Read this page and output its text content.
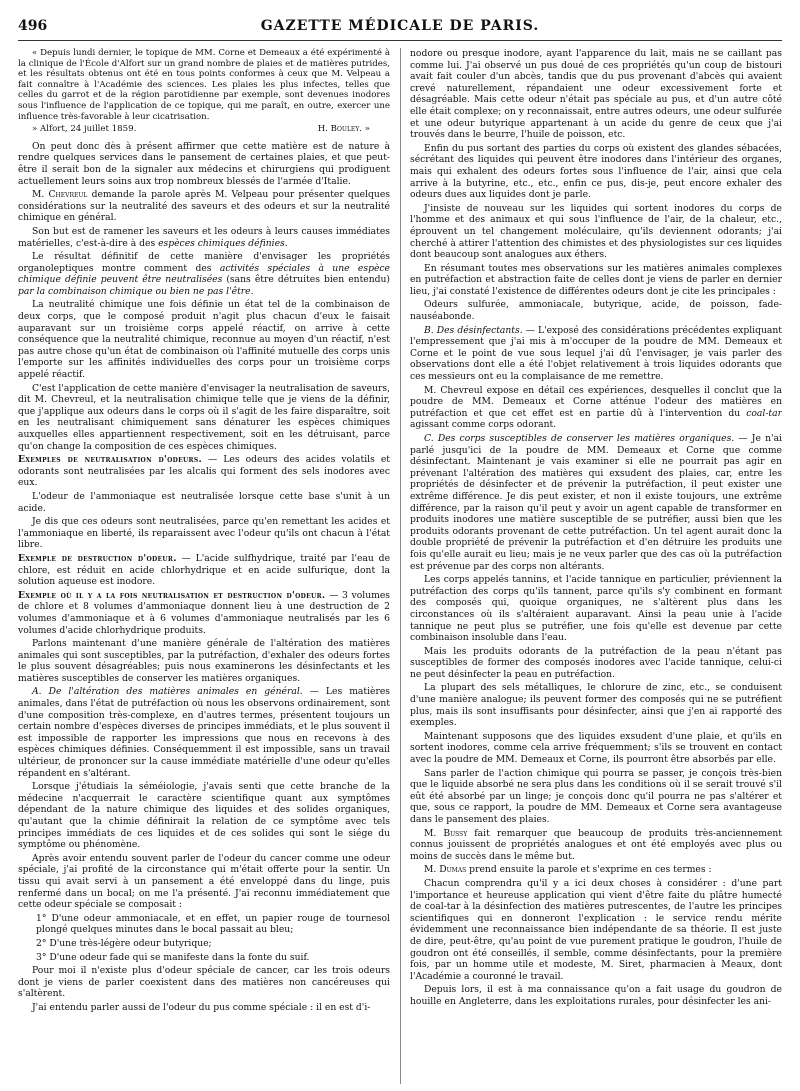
496	GAZETTE MÉDICALE DE PARIS.

« Depuis lundi dernier, le topique de MM. Corne et Demeaux a été expérimenté à la clinique de l'École d'Alfort sur un grand nombre de plaies et de matières putrides, et les résultats obtenus ont été en tous points conformes à ceux que M. Velpeau a fait connaître à l'Académie des sciences. Les plaies les plus infectes, telles que celles du garrot et de la région parotidienne par exemple, sont devenues inodores sous l'influence de l'application de ce topique, qui me paraît, en outre, exercer une influence très-favorable à leur cicatrisation.

» Alfort, 24 juillet 1859.	H. Bouley. »

On peut donc dès à présent affirmer que cette matière est de nature à rendre quelques services dans le pansement de certaines plaies, et que peut-être il serait bon de la signaler aux médecins et chirurgiens qui prodiguent actuellement leurs soins aux trop nombreux blessés de l'armée d'Italie.

M. Chevreul demande la parole après M. Velpeau pour présenter quelques considérations sur la neutralité des saveurs et des odeurs et sur la neutralité chimique en général.

Son but est de ramener les saveurs et les odeurs à leurs causes immédiates matérielles, c'est-à-dire à des espèces chimiques définies.

Le résultat définitif de cette manière d'envisager les propriétés organoleptiques montre comment des activités spéciales à une espèce chimique définie peuvent être neutralisées (sans être détruites bien entendu) par la combinaison chimique ou bien ne pas l'être.

La neutralité chimique une fois définie un état tel de la combinaison de deux corps, que le composé produit n'agit plus chacun d'eux le faisait auparavant sur un troisième corps appelé réactif, on arrive à cette conséquence que la neutralité chimique, reconnue au moyen d'un réactif, n'est pas autre chose qu'un état de combinaison où l'affinité mutuelle des corps unis l'emporte sur les affinités individuelles des corps pour un troisième corps appelé réactif.

C'est l'application de cette manière d'envisager la neutralisation de saveurs, dit M. Chevreul, et la neutralisation chimique telle que je viens de la définir, que j'applique aux odeurs dans le corps où il s'agit de les faire disparaître, soit en les neutralisant chimiquement sans dénaturer les espèces chimiques auxquelles elles appartiennent respectivement, soit en les détruisant, parce qu'on change la composition de ces espèces chimiques.

Exemples de neutralisation d'odeurs. — Les odeurs des acides volatils et odorants sont neutralisées par les alcalis qui forment des sels inodores avec eux.

L'odeur de l'ammoniaque est neutralisée lorsque cette base s'unit à un acide.

Je dis que ces odeurs sont neutralisées, parce qu'en remettant les acides et l'ammoniaque en liberté, ils reparaissent avec l'odeur qu'ils ont chacun à l'état libre.

Exemple de destruction d'odeur. — L'acide sulfhydrique, traité par l'eau de chlore, est réduit en acide chlorhydrique et en acide sulfurique, dont la solution aqueuse est inodore.

Exemple où il y a la fois neutralisation et destruction d'odeur. — 3 volumes de chlore et 8 volumes d'ammoniaque donnent lieu à une destruction de 2 volumes d'ammoniaque et à 6 volumes d'ammoniaque neutralisés par les 6 volumes d'acide chlorhydrique produits.

Parlons maintenant d'une manière générale de l'altération des matières animales qui sont susceptibles, par la putréfaction, d'exhaler des odeurs fortes le plus souvent désagréables; puis nous examinerons les désinfectants et les matières susceptibles de conserver les matières organiques.

A. De l'altération des matières animales en général. — Les matières animales, dans l'état de putréfaction où nous les observons ordinairement, sont d'une composition très-complexe, en d'autres termes, présentent toujours un certain nombre d'espèces diverses de principes immédiats, et le plus souvent il est impossible de rapporter les impressions que nous en recevons à des espèces chimiques définies. Conséquemment il est impossible, sans un travail ultérieur, de prononcer sur la cause immédiate matérielle d'une odeur qu'elles répandent en s'altérant.

Lorsque j'étudiais la séméiologie, j'avais senti que cette branche de la médecine n'acquerrait le caractère scientifique quant aux symptômes dépendant de la nature chimique des liquides et des solides organiques, qu'autant que la chimie définirait la relation de ce symptôme avec tels principes immédiats de ces liquides et de ces solides qui sont le siége du symptôme ou phénomène.

Après avoir entendu souvent parler de l'odeur du cancer comme une odeur spéciale, j'ai profité de la circonstance qui m'était offerte pour la sentir. Un tissu qui avait servi à un pansement a été enveloppé dans du linge, puis renfermé dans un bocal; on me l'a présenté. J'ai reconnu immédiatement que cette odeur spéciale se composait :

1° D'une odeur ammoniacale, et en effet, un papier rouge de tournesol plongé quelques minutes dans le bocal passait au bleu;

2° D'une très-légère odeur butyrique;

3° D'une odeur fade qui se manifeste dans la fonte du suif.

Pour moi il n'existe plus d'odeur spéciale de cancer, car les trois odeurs dont je viens de parler coexistent dans des matières non cancéreuses qui s'altèrent.

J'ai entendu parler aussi de l'odeur du pus comme spéciale : il en est d'i-

nodore ou presque inodore, ayant l'apparence du lait, mais ne se caillant pas comme lui. J'ai observé un pus doué de ces propriétés qu'un coup de bistouri avait fait couler d'un abcès, tandis que du pus provenant d'abcès qui avaient crevé naturellement, répandaient une odeur excessivement forte et désagréable. Mais cette odeur n'était pas spéciale au pus, et d'un autre côté elle était complexe; on y reconnaissait, entre autres odeurs, une odeur sulfurée et une odeur butyrique appartenant à un acide du genre de ceux que j'ai trouvés dans le beurre, l'huile de poisson, etc.

Enfin du pus sortant des parties du corps où existent des glandes sébacées, sécrétant des liquides qui peuvent être inodores dans l'intérieur des organes, mais qui exhalent des odeurs fortes sous l'influence de l'air, ainsi que cela arrive à la butyrine, etc., etc., enfin ce pus, dis-je, peut encore exhaler des odeurs dues aux liquides dont je parle.

J'insiste de nouveau sur les liquides qui sortent inodores du corps de l'homme et des animaux et qui sous l'influence de l'air, de la chaleur, etc., éprouvent un tel changement moléculaire, qu'ils deviennent odorants; j'ai cherché à attirer l'attention des chimistes et des physiologistes sur ces liquides dont beaucoup sont analogues aux éthers.

En résumant toutes mes observations sur les matières animales complexes en putréfaction et abstraction faite de celles dont je viens de parler en dernier lieu, j'ai constaté l'existence de différentes odeurs dont je cite les principales :

Odeurs sulfurée, ammoniacale, butyrique, acide, de poisson, fade-nauséabonde.

B. Des désinfectants. — L'exposé des considérations précédentes expliquant l'empressement que j'ai mis à m'occuper de la poudre de MM. Demeaux et Corne et le point de vue sous lequel j'ai dû l'envisager, je vais parler des observations dont elle a été l'objet relativement à trois liquides odorants que ces messieurs ont eu la complaisance de me remettre.

M. Chevreul expose en détail ces expériences, desquelles il conclut que la poudre de MM. Demeaux et Corne atténue l'odeur des matières en putréfaction et que cet effet est en partie dû à l'intervention du coal-tar agissant comme corps odorant.

C. Des corps susceptibles de conserver les matières organiques. — Je n'ai parlé jusqu'ici de la poudre de MM. Demeaux et Corne que comme désinfectant. Maintenant je vais examiner si elle ne pourrait pas agir en prévenant l'altération des matières qui exsudent des plaies, car, entre les propriétés de désinfecter et de prévenir la putréfaction, il peut exister une extrême différence. Je dis peut exister, et non il existe toujours, une extrême différence, par la raison qu'il peut y avoir un agent capable de transformer en produits inodores une matière susceptible de se putréfier, aussi bien que les produits odorants provenant de cette putréfaction. Un tel agent aurait donc la double propriété de prévenir la putréfaction et d'en détruire les produits une fois qu'elle aurait eu lieu; mais je ne veux parler que des cas où la putréfaction est prévenue par des corps non altérants.

Les corps appelés tannins, et l'acide tannique en particulier, préviennent la putréfaction des corps qu'ils tannent, parce qu'ils s'y combinent en formant des composés qui, quoique organiques, ne s'altèrent plus dans les circonstances où ils s'altéraient auparavant. Ainsi la peau unie à l'acide tannique ne peut plus se putréfier, une fois qu'elle est devenue par cette combinaison insoluble dans l'eau.

Mais les produits odorants de la putréfaction de la peau n'étant pas susceptibles de former des composés inodores avec l'acide tannique, celui-ci ne peut désinfecter la peau en putréfaction.

La plupart des sels métalliques, le chlorure de zinc, etc., se conduisent d'une manière analogue; ils peuvent former des composés qui ne se putréfient plus, mais ils sont insuffisants pour désinfecter, ainsi que j'en ai rapporté des exemples.

Maintenant supposons que des liquides exsudent d'une plaie, et qu'ils en sortent inodores, comme cela arrive fréquemment; s'ils se trouvent en contact avec la poudre de MM. Demeaux et Corne, ils pourront être absorbés par elle.

Sans parler de l'action chimique qui pourra se passer, je conçois très-bien que le liquide absorbé ne sera plus dans les conditions où il se serait trouvé s'il eût été absorbé par un linge; je conçois donc qu'il pourra ne pas s'altérer et que, sous ce rapport, la poudre de MM. Demeaux et Corne sera avantageuse dans le pansement des plaies.

M. Bussy fait remarquer que beaucoup de produits très-anciennement connus jouissent de propriétés analogues et ont été employés avec plus ou moins de succès dans le même but.

M. Dumas prend ensuite la parole et s'exprime en ces termes :

Chacun comprendra qu'il y a ici deux choses à considérer : d'une part l'importance et heureuse application qui vient d'être faite du plâtre humecté de coal-tar à la désinfection des matières putrescentes, de l'autre les principes scientifiques qui en donneront l'explication : le service rendu mérite évidemment une reconnaissance bien indépendante de sa théorie. Il est juste de dire, peut-être, qu'au point de vue purement pratique le goudron, l'huile de goudron ont été conseillés, il semble, comme désinfectants, pour la première fois, par un homme utile et modeste, M. Siret, pharmacien à Meaux, dont l'Académie a couronné le travail.

Depuis lors, il est à ma connaissance qu'on a fait usage du goudron de houille en Angleterre, dans les exploitations rurales, pour désinfecter les ani-
